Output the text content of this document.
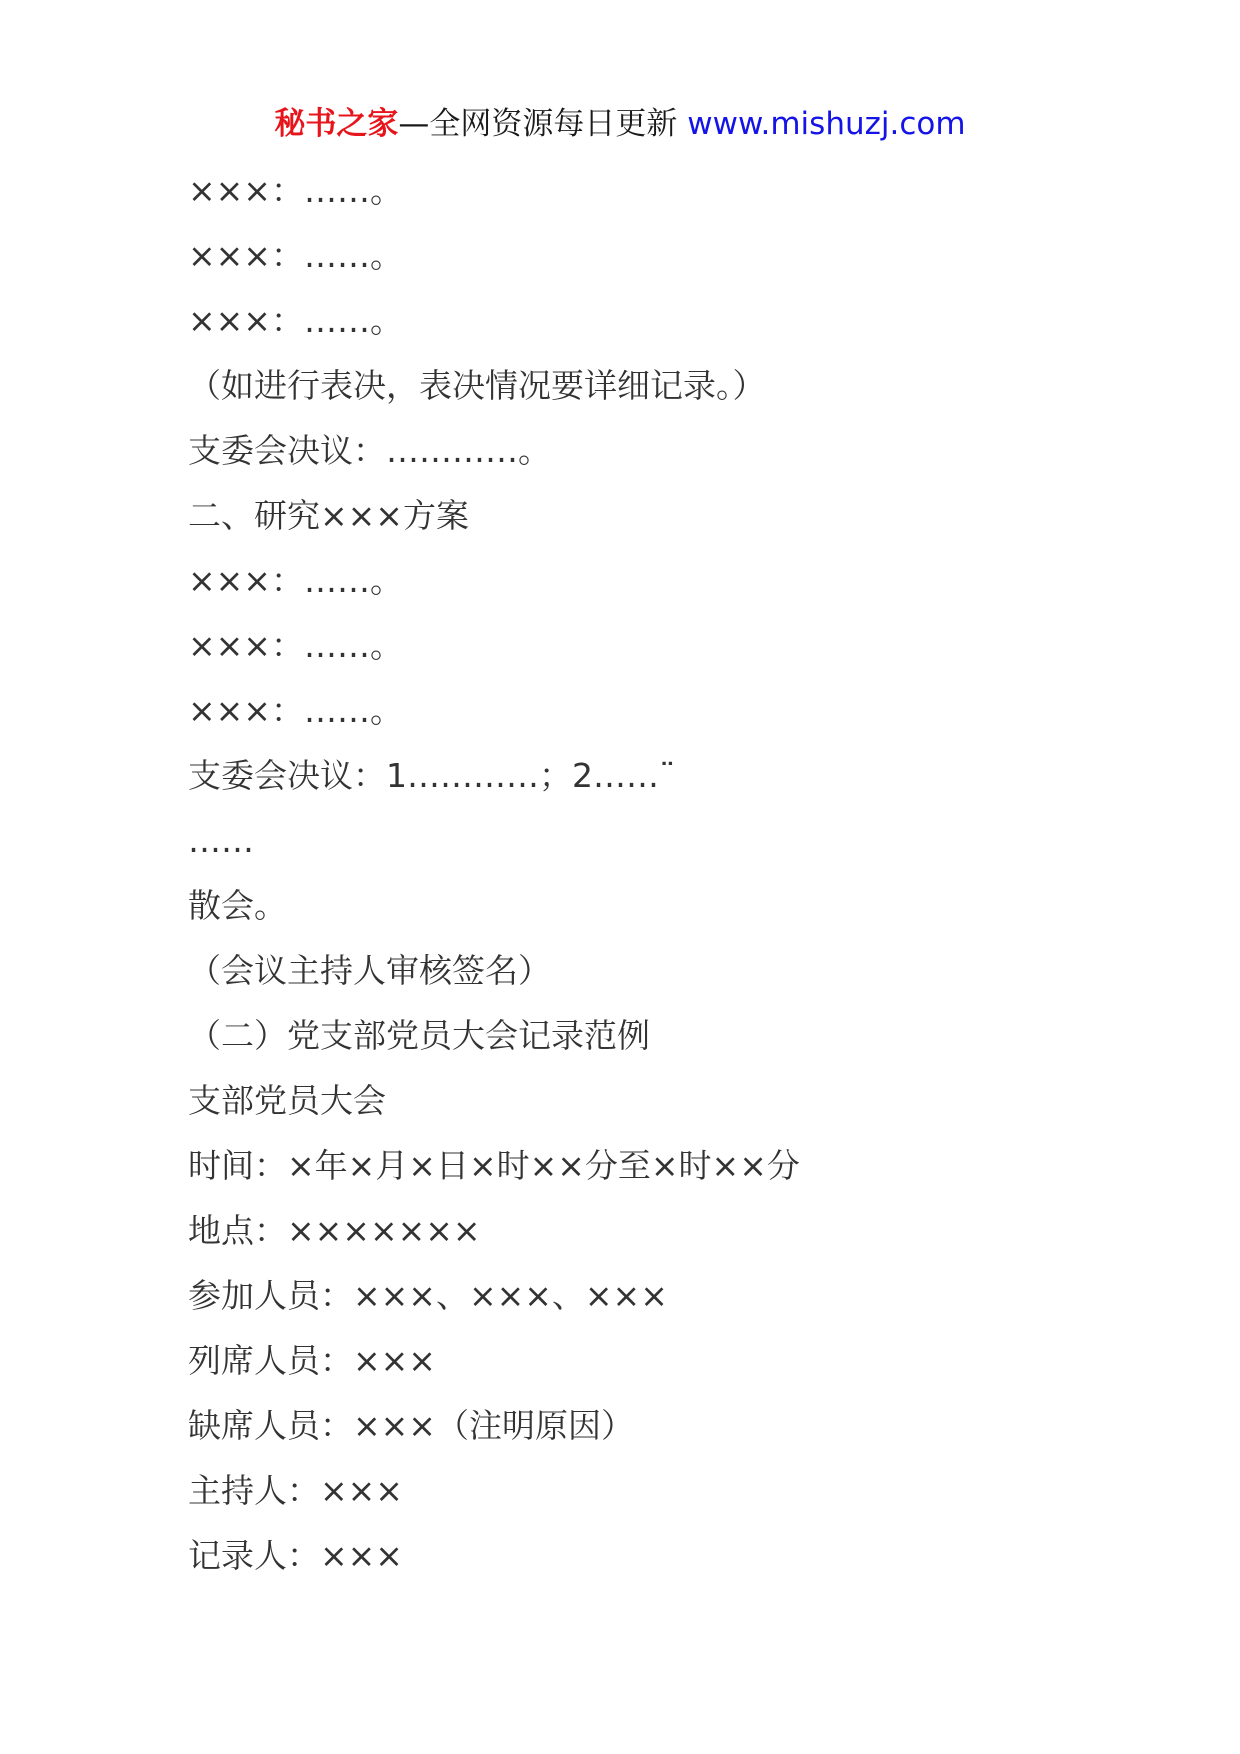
秘书之家—全网资源每日更新 www.mishuzj.com
×××：……。
×××：……。
×××：……。
（如进行表决，表决情况要详细记录。）
支委会决议：…………。
二、研究×××方案
×××：……。
×××：……。
×××：……。
支委会决议：1…………；2……¨
……
散会。
（会议主持人审核签名）
（二）党支部党员大会记录范例
支部党员大会
时间：×年×月×日×时××分至×时××分
地点：×××××××
参加人员：×××、×××、×××
列席人员：×××
缺席人员：×××（注明原因）
主持人：×××
记录人：×××
